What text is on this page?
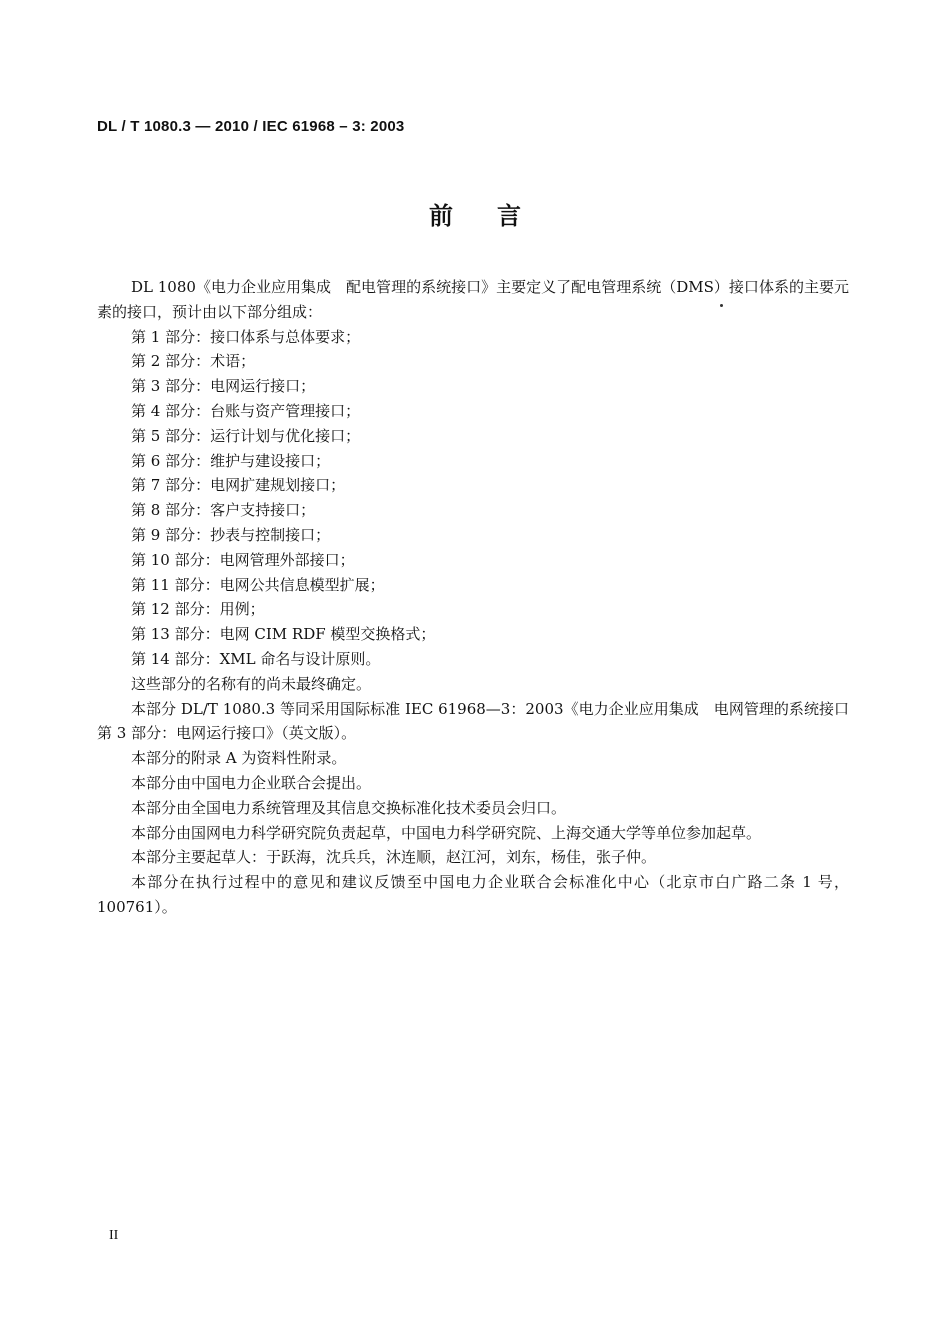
DL / T 1080.3 — 2010 / IEC 61968 – 3: 2003
前 言

DL 1080《电力企业应用集成　配电管理的系统接口》主要定义了配电管理系统（DMS）接口体系的主要元素的接口，预计由以下部分组成：

第 1 部分：接口体系与总体要求；

第 2 部分：术语；

第 3 部分：电网运行接口；

第 4 部分：台账与资产管理接口；

第 5 部分：运行计划与优化接口；

第 6 部分：维护与建设接口；

第 7 部分：电网扩建规划接口；

第 8 部分：客户支持接口；

第 9 部分：抄表与控制接口；

第 10 部分：电网管理外部接口；

第 11 部分：电网公共信息模型扩展；

第 12 部分：用例；

第 13 部分：电网 CIM RDF 模型交换格式；

第 14 部分：XML 命名与设计原则。

这些部分的名称有的尚未最终确定。

本部分 DL/T 1080.3 等同采用国际标准 IEC 61968—3：2003《电力企业应用集成　电网管理的系统接口　第 3 部分：电网运行接口》（英文版）。

本部分的附录 A 为资料性附录。

本部分由中国电力企业联合会提出。

本部分由全国电力系统管理及其信息交换标准化技术委员会归口。

本部分由国网电力科学研究院负责起草，中国电力科学研究院、上海交通大学等单位参加起草。

本部分主要起草人：于跃海，沈兵兵，沐连顺，赵江河，刘东，杨佳，张子仲。

本部分在执行过程中的意见和建议反馈至中国电力企业联合会标准化中心（北京市白广路二条 1 号，100761）。

II
